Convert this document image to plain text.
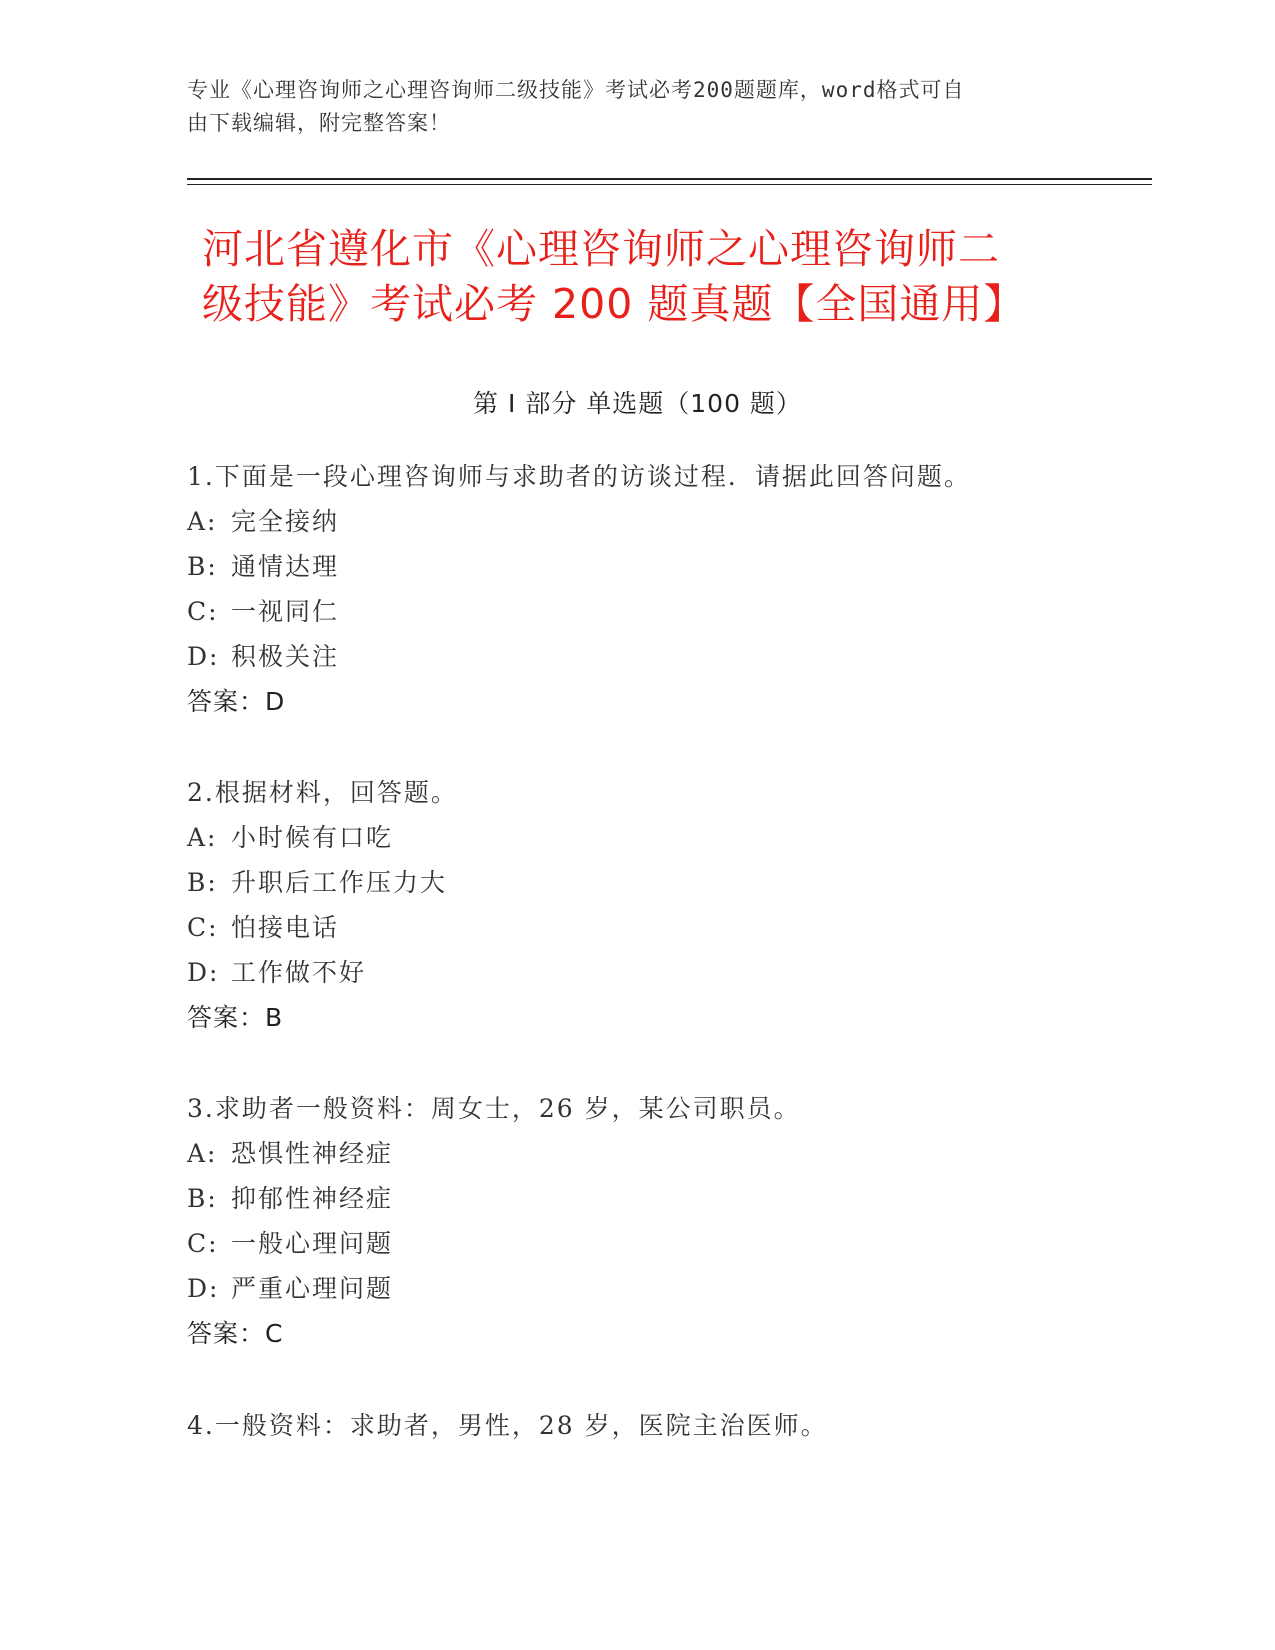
专业《心理咨询师之心理咨询师二级技能》考试必考200题题库，word格式可自
由下载编辑，附完整答案！
河北省遵化市《心理咨询师之心理咨询师二
级技能》考试必考 200 题真题【全国通用】
第 I 部分 单选题（100 题）
1.下面是一段心理咨询师与求助者的访谈过程．请据此回答问题。
A: 完全接纳
B: 通情达理
C: 一视同仁
D: 积极关注
答案：D
2.根据材料，回答题。
A: 小时候有口吃
B: 升职后工作压力大
C: 怕接电话
D: 工作做不好
答案：B
3.求助者一般资料：周女士，26 岁，某公司职员。
A: 恐惧性神经症
B: 抑郁性神经症
C: 一般心理问题
D: 严重心理问题
答案：C
4.一般资料：求助者，男性，28 岁，医院主治医师。
